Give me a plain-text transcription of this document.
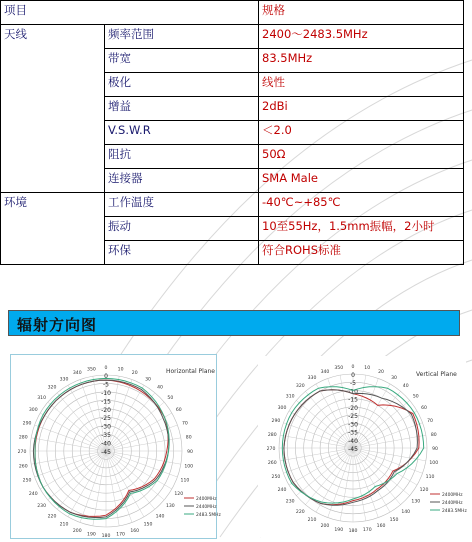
项目		规格
天线	频率范围	2400～2483.5MHz
	带宽	83.5MHz
	极化	线性
	增益	2dBi
	V.S.W.R	＜2.0
	阻抗	50Ω
	连接器	SMA Male
环境	工作温度	-40℃~+85℃
	振动	10至55Hz，1.5mm振幅，2小时
	环保	符合ROHS标准
辐射方向图
0 10
20
30
40
50
60
70
80
90
100
110
120
130
140
150
160
170
180
190
200
210
220
230
240
250
260
270
280
290
300
310
320
330
340
350
0
-5
-10
-15
-20
-25
-30
-35
-40
-45
2400MHz
2440MHz
2483.5MHz
Horizontal Plane
0 10
20
30
40
50
60
70
80
90
100
110
120
130
140
150
160
170
180
190
200
210
220
230
240
250
260
270
280
290
300
310
320
330
340
350
0
-5
-10
-15
-20
-25
-30
-35
-40
-45
2400MHz
2440MHz
2483.5MHz
Vertical Plane
